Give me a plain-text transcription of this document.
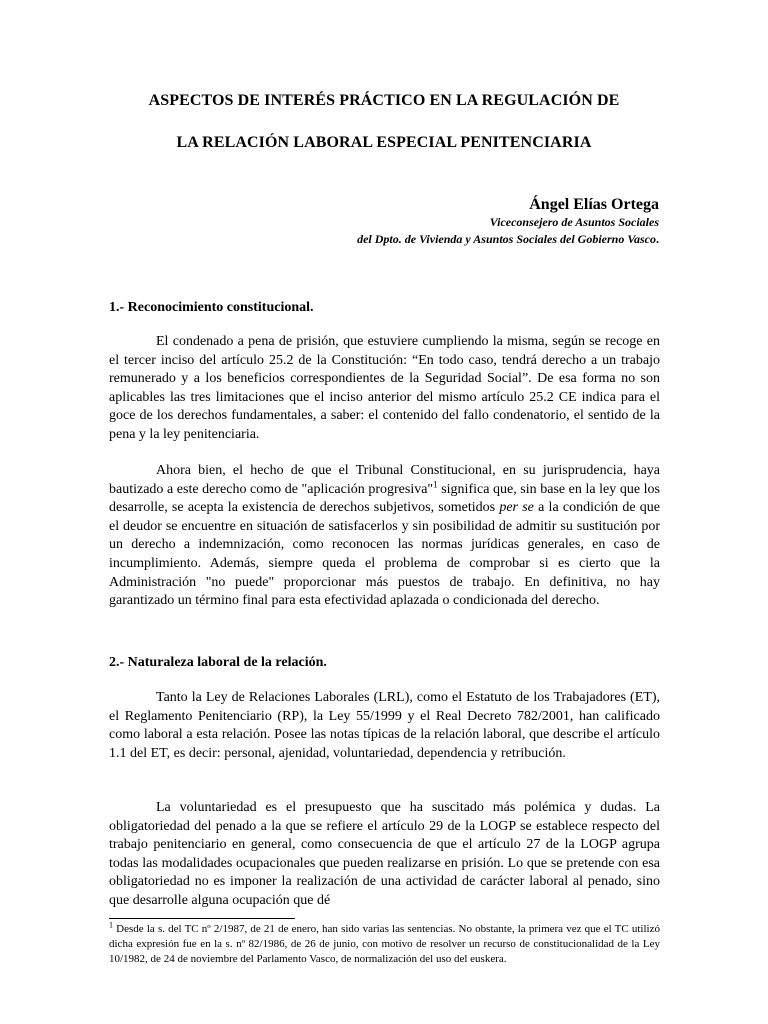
ASPECTOS DE INTERÉS PRÁCTICO EN LA REGULACIÓN DE
LA RELACIÓN LABORAL ESPECIAL PENITENCIARIA
Ángel Elías Ortega
Viceconsejero de Asuntos Sociales
del Dpto. de Vivienda y Asuntos Sociales del Gobierno Vasco.
1.- Reconocimiento constitucional.

El condenado a pena de prisión, que estuviere cumpliendo la misma, según se recoge en el tercer inciso del artículo 25.2 de la Constitución: “En todo caso, tendrá derecho a un trabajo remunerado y a los beneficios correspondientes de la Seguridad Social”. De esa forma no son aplicables las tres limitaciones que el inciso anterior del mismo artículo 25.2 CE indica para el goce de los derechos fundamentales, a saber: el contenido del fallo condenatorio, el sentido de la pena y la ley penitenciaria.

Ahora bien, el hecho de que el Tribunal Constitucional, en su jurisprudencia, haya bautizado a este derecho como de "aplicación progresiva"$^1$ significa que, sin base en la ley que los desarrolle, se acepta la existencia de derechos subjetivos, sometidos per se a la condición de que el deudor se encuentre en situación de satisfacerlos y sin posibilidad de admitir su sustitución por un derecho a indemnización, como reconocen las normas jurídicas generales, en caso de incumplimiento. Además, siempre queda el problema de comprobar si es cierto que la Administración "no puede" proporcionar más puestos de trabajo. En definitiva, no hay garantizado un término final para esta efectividad aplazada o condicionada del derecho.

2.- Naturaleza laboral de la relación.

Tanto la Ley de Relaciones Laborales (LRL), como el Estatuto de los Trabajadores (ET), el Reglamento Penitenciario (RP), la Ley 55/1999 y el Real Decreto 782/2001, han calificado como laboral a esta relación. Posee las notas típicas de la relación laboral, que describe el artículo 1.1 del ET, es decir: personal, ajenidad, voluntariedad, dependencia y retribución.

La voluntariedad es el presupuesto que ha suscitado más polémica y dudas. La obligatoriedad del penado a la que se refiere el artículo 29 de la LOGP se establece respecto del trabajo penitenciario en general, como consecuencia de que el artículo 27 de la LOGP agrupa todas las modalidades ocupacionales que pueden realizarse en prisión. Lo que se pretende con esa obligatoriedad no es imponer la realización de una actividad de carácter laboral al penado, sino que desarrolle alguna ocupación que dé

$^1$ Desde la s. del TC nº 2/1987, de 21 de enero, han sido varias las sentencias. No obstante, la primera vez que el TC utilizó dicha expresión fue en la s. nº 82/1986, de 26 de junio, con motivo de resolver un recurso de constitucionalidad de la Ley 10/1982, de 24 de noviembre del Parlamento Vasco, de normalización del uso del euskera.
